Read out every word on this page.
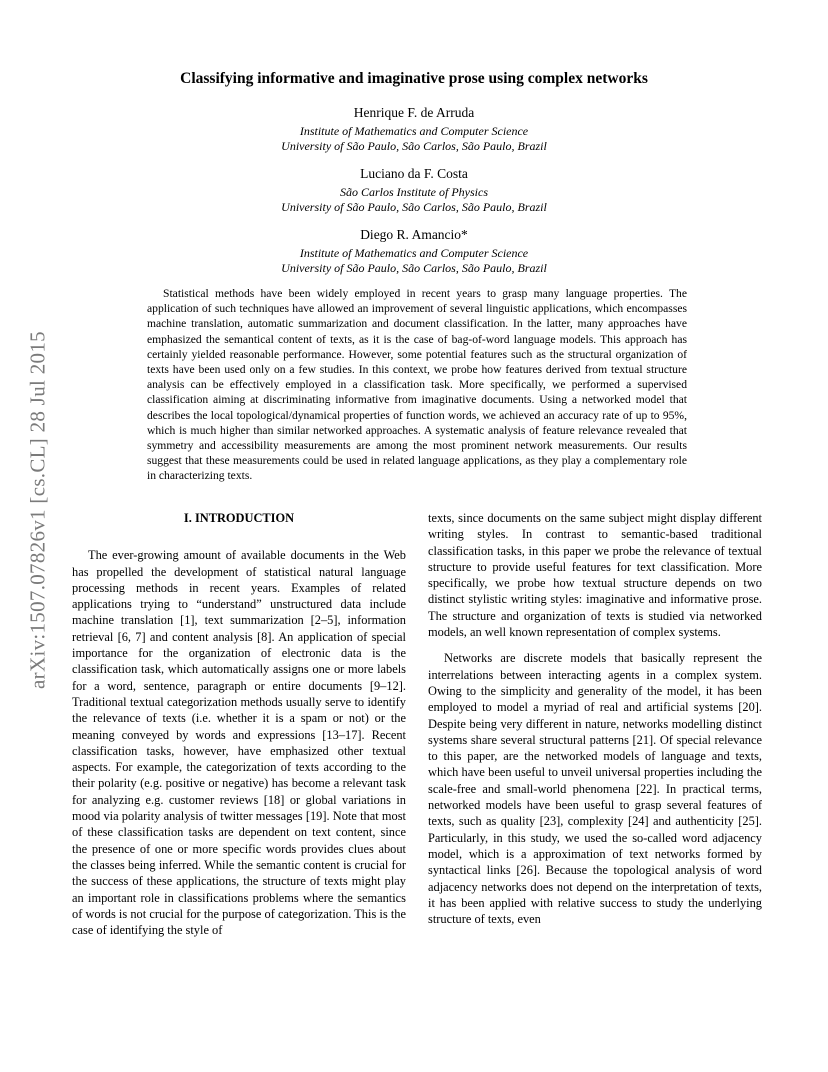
arXiv:1507.07826v1 [cs.CL] 28 Jul 2015
Classifying informative and imaginative prose using complex networks
Henrique F. de Arruda
Institute of Mathematics and Computer Science
University of São Paulo, São Carlos, São Paulo, Brazil
Luciano da F. Costa
São Carlos Institute of Physics
University of São Paulo, São Carlos, São Paulo, Brazil
Diego R. Amancio*
Institute of Mathematics and Computer Science
University of São Paulo, São Carlos, São Paulo, Brazil
Statistical methods have been widely employed in recent years to grasp many language properties. The application of such techniques have allowed an improvement of several linguistic applications, which encompasses machine translation, automatic summarization and document classification. In the latter, many approaches have emphasized the semantical content of texts, as it is the case of bag-of-word language models. This approach has certainly yielded reasonable performance. However, some potential features such as the structural organization of texts have been used only on a few studies. In this context, we probe how features derived from textual structure analysis can be effectively employed in a classification task. More specifically, we performed a supervised classification aiming at discriminating informative from imaginative documents. Using a networked model that describes the local topological/dynamical properties of function words, we achieved an accuracy rate of up to 95%, which is much higher than similar networked approaches. A systematic analysis of feature relevance revealed that symmetry and accessibility measurements are among the most prominent network measurements. Our results suggest that these measurements could be used in related language applications, as they play a complementary role in characterizing texts.
I. INTRODUCTION

The ever-growing amount of available documents in the Web has propelled the development of statistical natural language processing methods in recent years. Examples of related applications trying to “understand” unstructured data include machine translation [1], text summarization [2–5], information retrieval [6, 7] and content analysis [8]. An application of special importance for the organization of electronic data is the classification task, which automatically assigns one or more labels for a word, sentence, paragraph or entire documents [9–12]. Traditional textual categorization methods usually serve to identify the relevance of texts (i.e. whether it is a spam or not) or the meaning conveyed by words and expressions [13–17]. Recent classification tasks, however, have emphasized other textual aspects. For example, the categorization of texts according to the their polarity (e.g. positive or negative) has become a relevant task for analyzing e.g. customer reviews [18] or global variations in mood via polarity analysis of twitter messages [19]. Note that most of these classification tasks are dependent on text content, since the presence of one or more specific words provides clues about the classes being inferred. While the semantic content is crucial for the success of these applications, the structure of texts might play an important role in classifications problems where the semantics of words is not crucial for the purpose of categorization. This is the case of identifying the style of

texts, since documents on the same subject might display different writing styles. In contrast to semantic-based traditional classification tasks, in this paper we probe the relevance of textual structure to provide useful features for text classification. More specifically, we probe how textual structure depends on two distinct stylistic writing styles: imaginative and informative prose. The structure and organization of texts is studied via networked models, an well known representation of complex systems.

Networks are discrete models that basically represent the interrelations between interacting agents in a complex system. Owing to the simplicity and generality of the model, it has been employed to model a myriad of real and artificial systems [20]. Despite being very different in nature, networks modelling distinct systems share several structural patterns [21]. Of special relevance to this paper, are the networked models of language and texts, which have been useful to unveil universal properties including the scale-free and small-world phenomena [22]. In practical terms, networked models have been useful to grasp several features of texts, such as quality [23], complexity [24] and authenticity [25]. Particularly, in this study, we used the so-called word adjacency model, which is a approximation of text networks formed by syntactical links [26]. Because the topological analysis of word adjacency networks does not depend on the interpretation of texts, it has been applied with relative success to study the underlying structure of texts, even
